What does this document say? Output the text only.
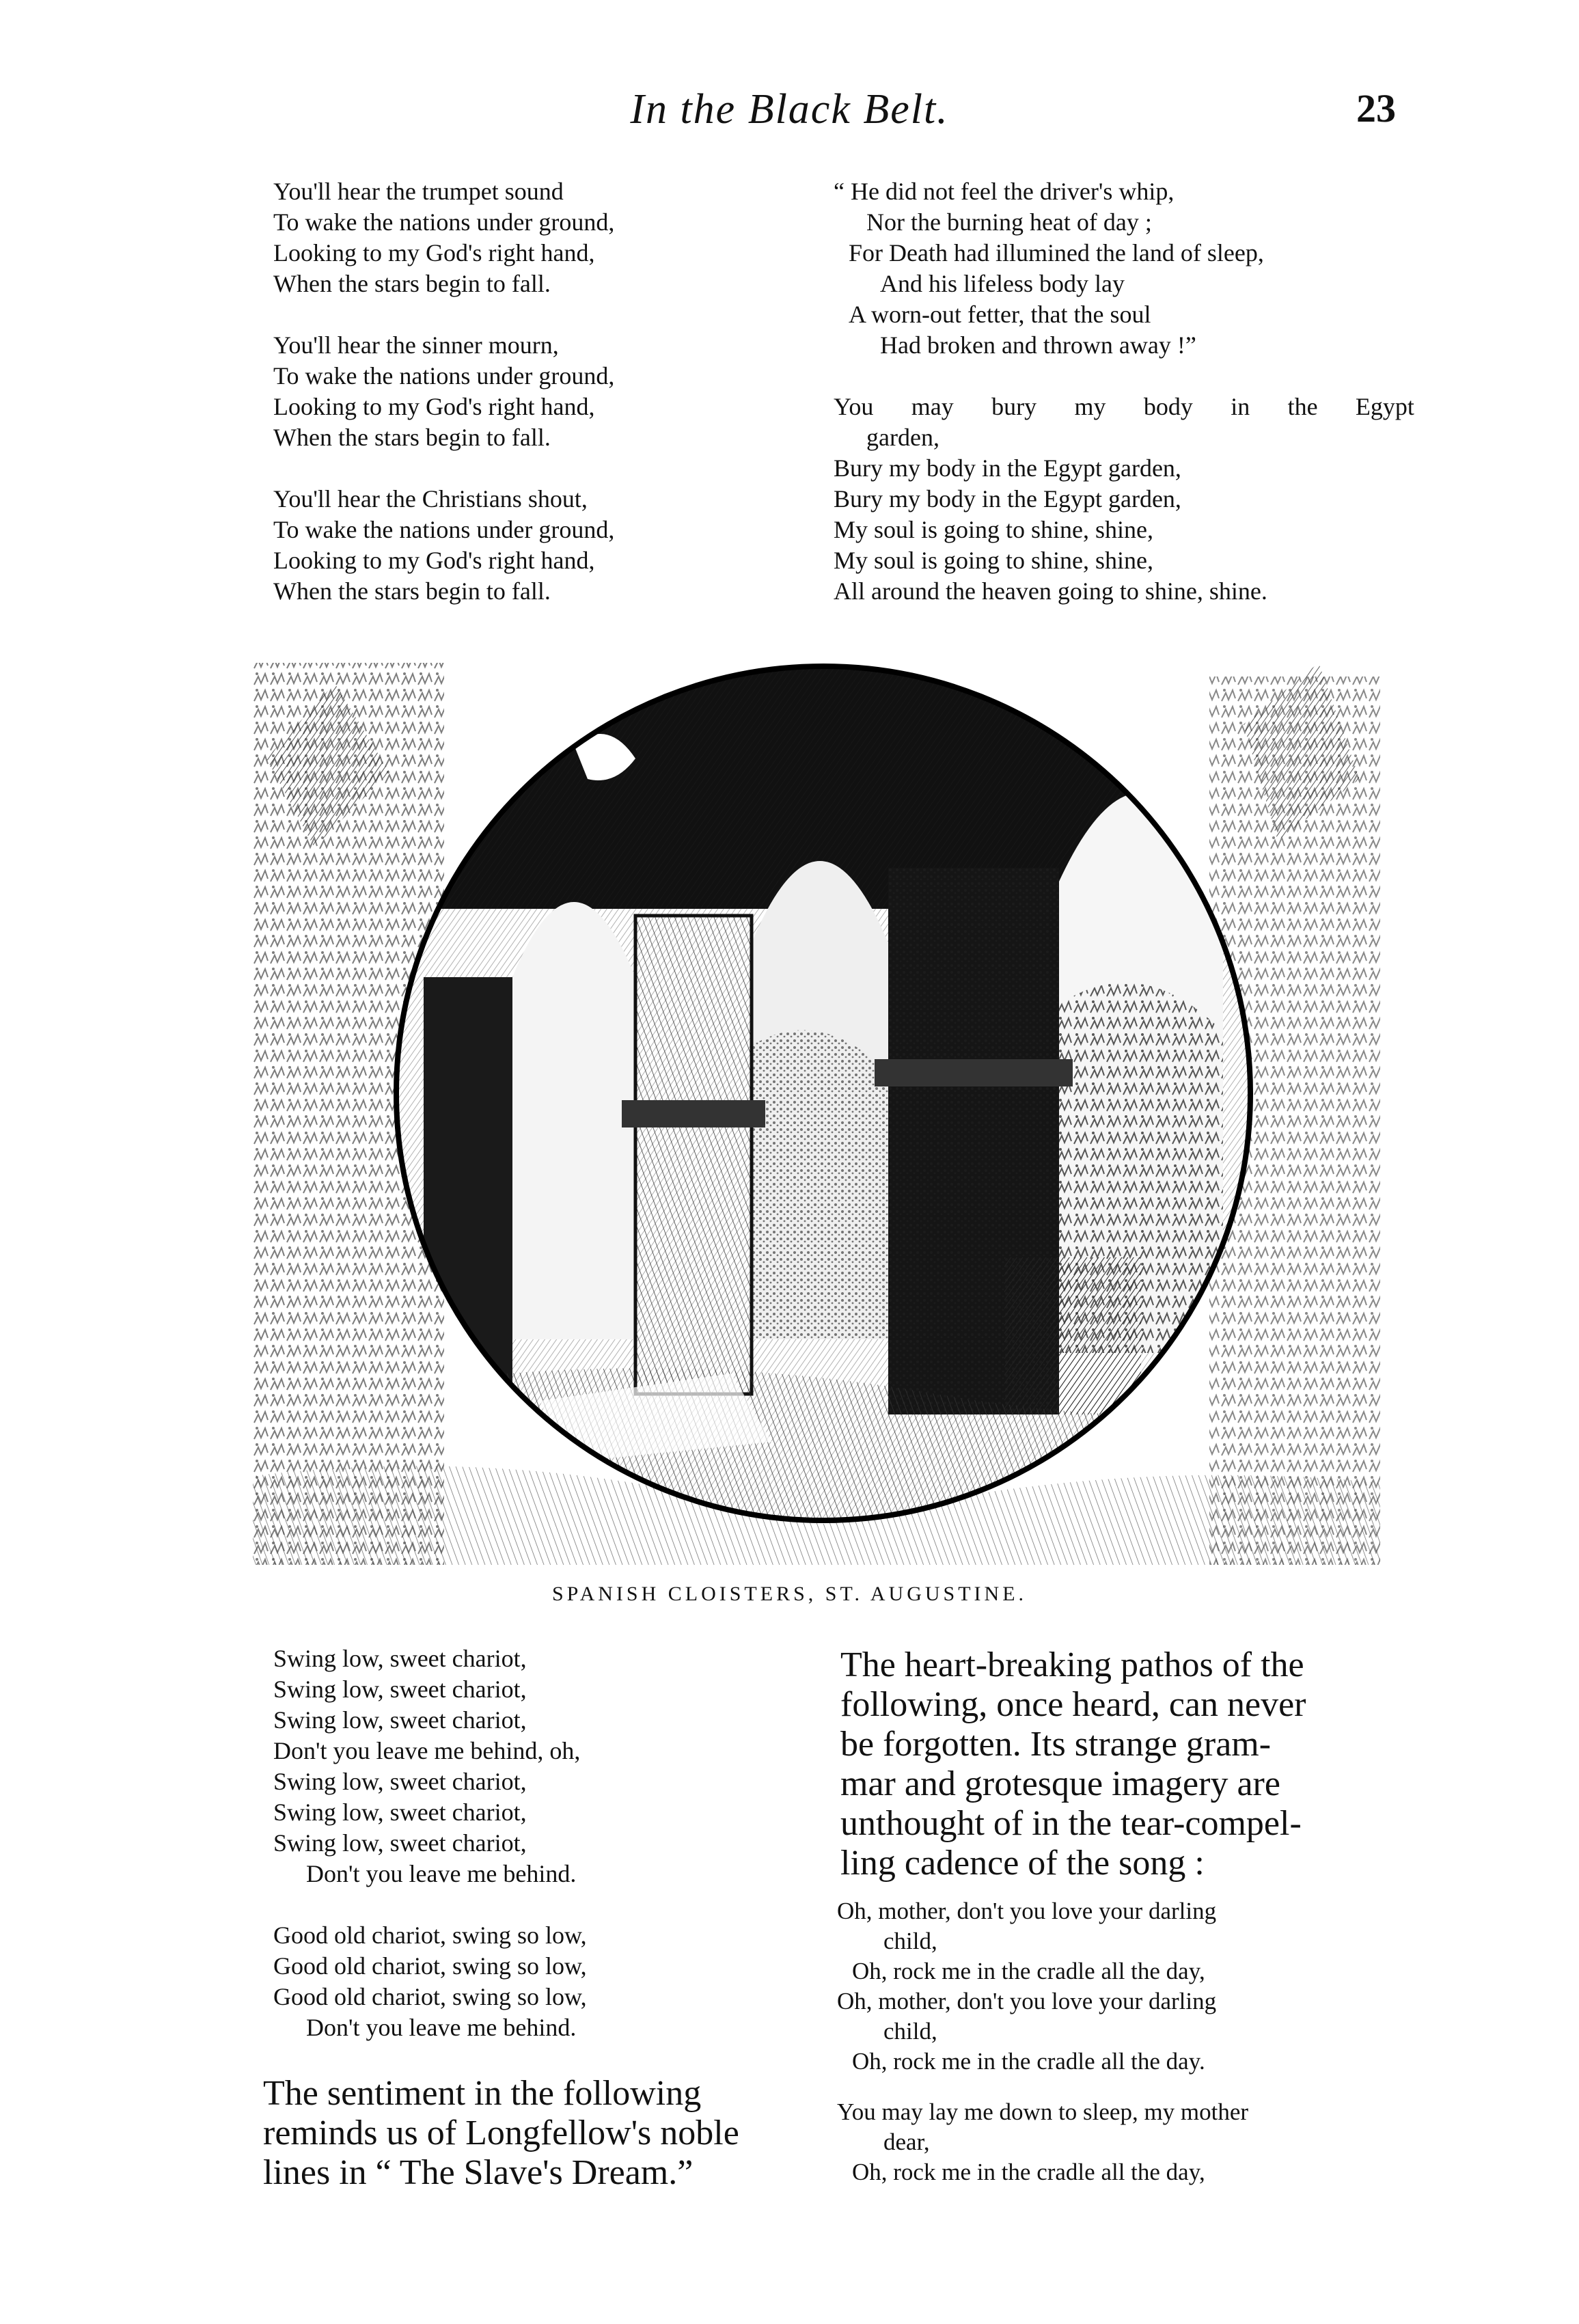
In the Black Belt.	23
You'll hear the trumpet sound
To wake the nations under ground,
Looking to my God's right hand,
When the stars begin to fall.
You'll hear the sinner mourn,
To wake the nations under ground,
Looking to my God's right hand,
When the stars begin to fall.
You'll hear the Christians shout,
To wake the nations under ground,
Looking to my God's right hand,
When the stars begin to fall.
“ He did not feel the driver's whip,
Nor the burning heat of day ;
For Death had illumined the land of sleep,
And his lifeless body lay
A worn-out fetter, that the soul
Had broken and thrown away !”
You may bury my body in the Egypt
garden,
Bury my body in the Egypt garden,
Bury my body in the Egypt garden,
My soul is going to shine, shine,
My soul is going to shine, shine,
All around the heaven going to shine, shine.
SPANISH CLOISTERS, ST. AUGUSTINE.
Swing low, sweet chariot,
Swing low, sweet chariot,
Swing low, sweet chariot,
Don't you leave me behind, oh,
Swing low, sweet chariot,
Swing low, sweet chariot,
Swing low, sweet chariot,
Don't you leave me behind.
Good old chariot, swing so low,
Good old chariot, swing so low,
Good old chariot, swing so low,
Don't you leave me behind.
The sentiment in the following
reminds us of Longfellow's noble
lines in “ The Slave's Dream.”
The heart-breaking pathos of the
following, once heard, can never
be forgotten. Its strange gram-
mar and grotesque imagery are
unthought of in the tear-compel-
ling cadence of the song :
Oh, mother, don't you love your darling
child,
Oh, rock me in the cradle all the day,
Oh, mother, don't you love your darling
child,
Oh, rock me in the cradle all the day.
You may lay me down to sleep, my mother
dear,
Oh, rock me in the cradle all the day,
